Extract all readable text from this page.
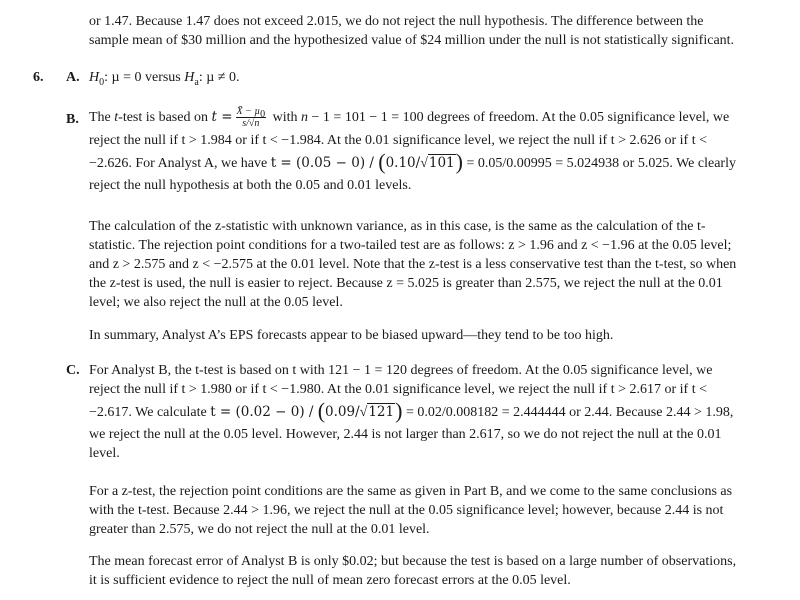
or 1.47. Because 1.47 does not exceed 2.015, we do not reject the null hypothesis. The difference between the
sample mean of $30 million and the hypothesized value of $24 million under the null is not statistically significant.
6. A. $H_0$: µ = 0 versus $H_a$: µ ≠ 0.
B. The t-test is based on $t = \frac{X̄ - \mu_0}{s/√n}$ with n − 1 = 101 − 1 = 100 degrees of freedom. At the 0.05 significance level, we
reject the null if t > 1.984 or if t < −1.984. At the 0.01 significance level, we reject the null if t > 2.626 or if t <
−2.626. For Analyst A, we have t = (0.05 − 0) / (0.10/√101) = 0.05/0.00995 = 5.024938 or 5.025. We clearly
reject the null hypothesis at both the 0.05 and 0.01 levels.
The calculation of the z-statistic with unknown variance, as in this case, is the same as the calculation of the t-
statistic. The rejection point conditions for a two-tailed test are as follows: z > 1.96 and z < −1.96 at the 0.05 level;
and z > 2.575 and z < −2.575 at the 0.01 level. Note that the z-test is a less conservative test than the t-test, so when
the z-test is used, the null is easier to reject. Because z = 5.025 is greater than 2.575, we reject the null at the 0.01
level; we also reject the null at the 0.05 level.
In summary, Analyst A’s EPS forecasts appear to be biased upward—they tend to be too high.
C. For Analyst B, the t-test is based on t with 121 − 1 = 120 degrees of freedom. At the 0.05 significance level, we
reject the null if t > 1.980 or if t < −1.980. At the 0.01 significance level, we reject the null if t > 2.617 or if t <
−2.617. We calculate t = (0.02 − 0) / (0.09/√121) = 0.02/0.008182 = 2.444444 or 2.44. Because 2.44 > 1.98,
we reject the null at the 0.05 level. However, 2.44 is not larger than 2.617, so we do not reject the null at the 0.01
level.
For a z-test, the rejection point conditions are the same as given in Part B, and we come to the same conclusions as
with the t-test. Because 2.44 > 1.96, we reject the null at the 0.05 significance level; however, because 2.44 is not
greater than 2.575, we do not reject the null at the 0.01 level.
The mean forecast error of Analyst B is only $0.02; but because the test is based on a large number of observations,
it is sufficient evidence to reject the null of mean zero forecast errors at the 0.05 level.
